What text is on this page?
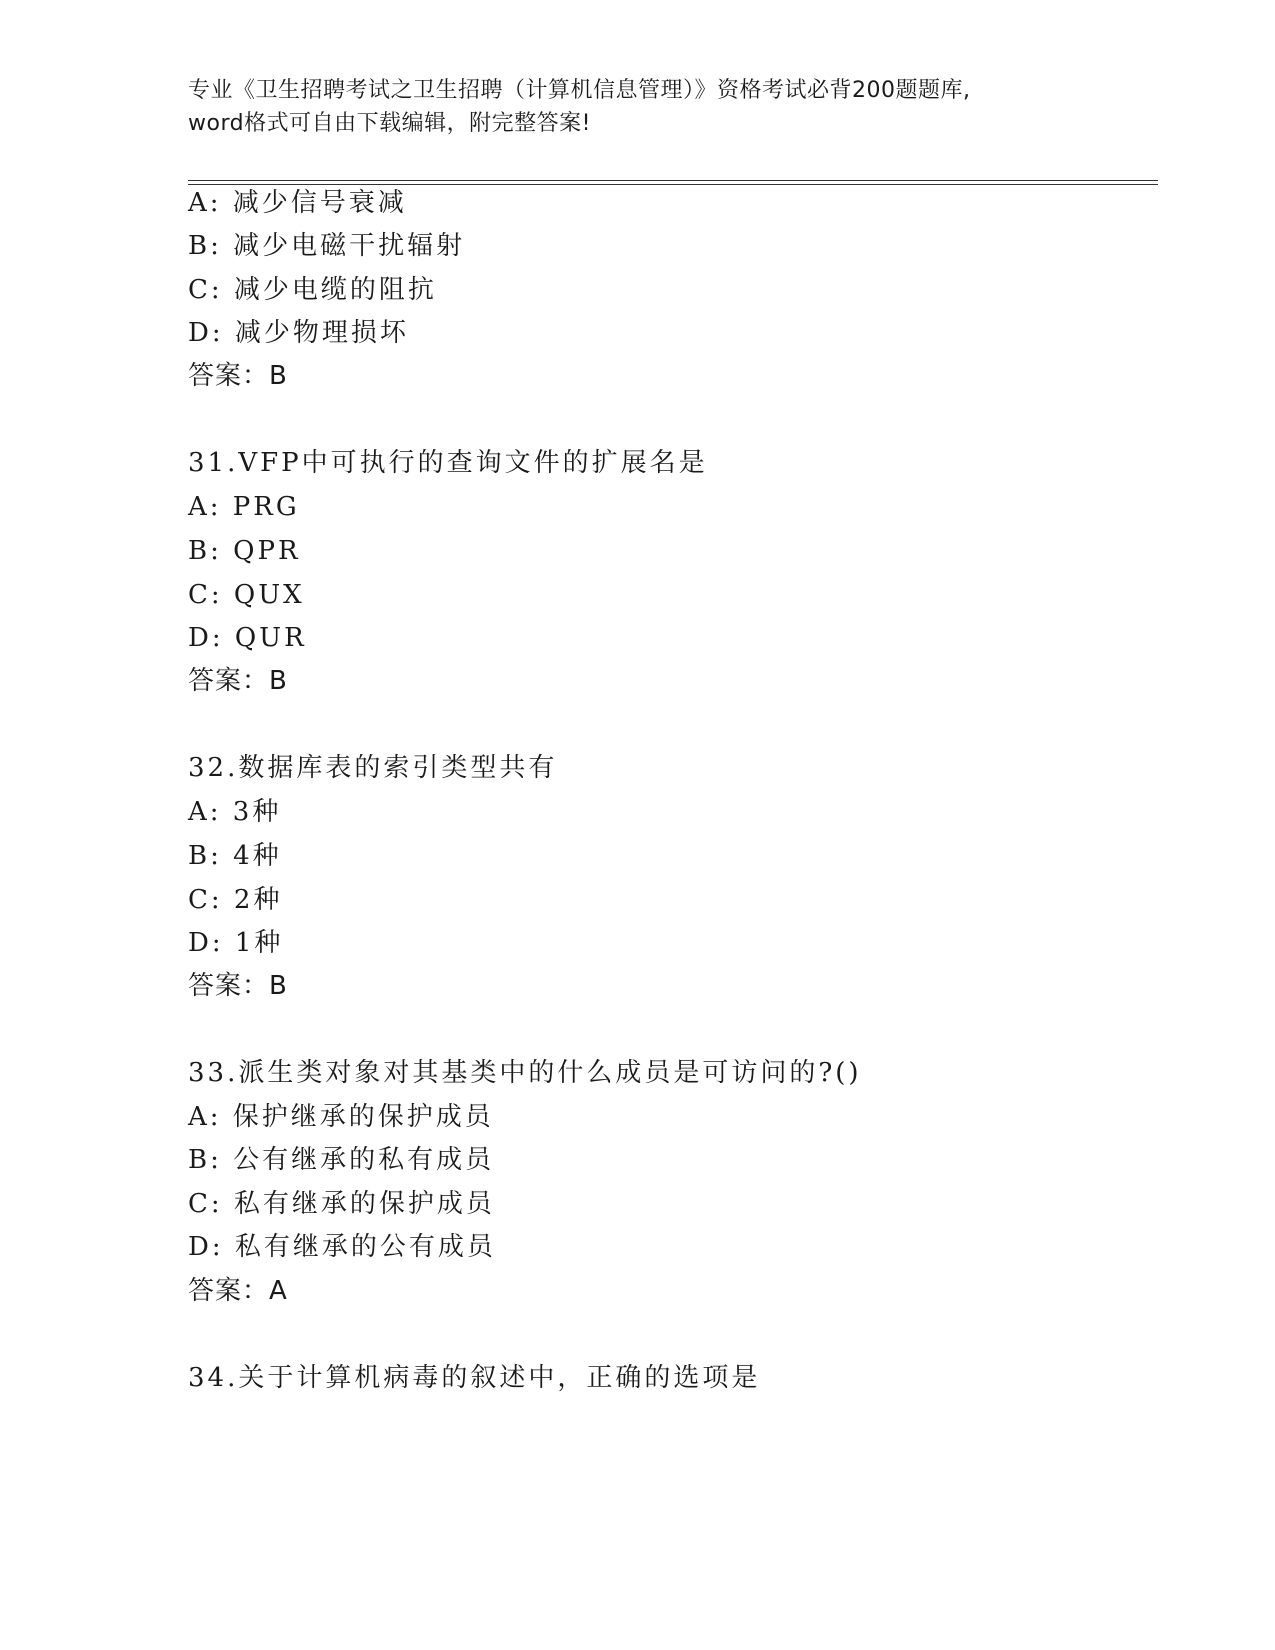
专业《卫生招聘考试之卫生招聘（计算机信息管理）》资格考试必背200题题库,
word格式可自由下载编辑，附完整答案!
A: 减少信号衰减
B: 减少电磁干扰辐射
C: 减少电缆的阻抗
D: 减少物理损坏
答案：B
31.VFP中可执行的查询文件的扩展名是
A: PRG
B: QPR
C: QUX
D: QUR
答案：B
32.数据库表的索引类型共有
A: 3种
B: 4种
C: 2种
D: 1种
答案：B
33.派生类对象对其基类中的什么成员是可访问的?()
A: 保护继承的保护成员
B: 公有继承的私有成员
C: 私有继承的保护成员
D: 私有继承的公有成员
答案：A
34.关于计算机病毒的叙述中，正确的选项是
